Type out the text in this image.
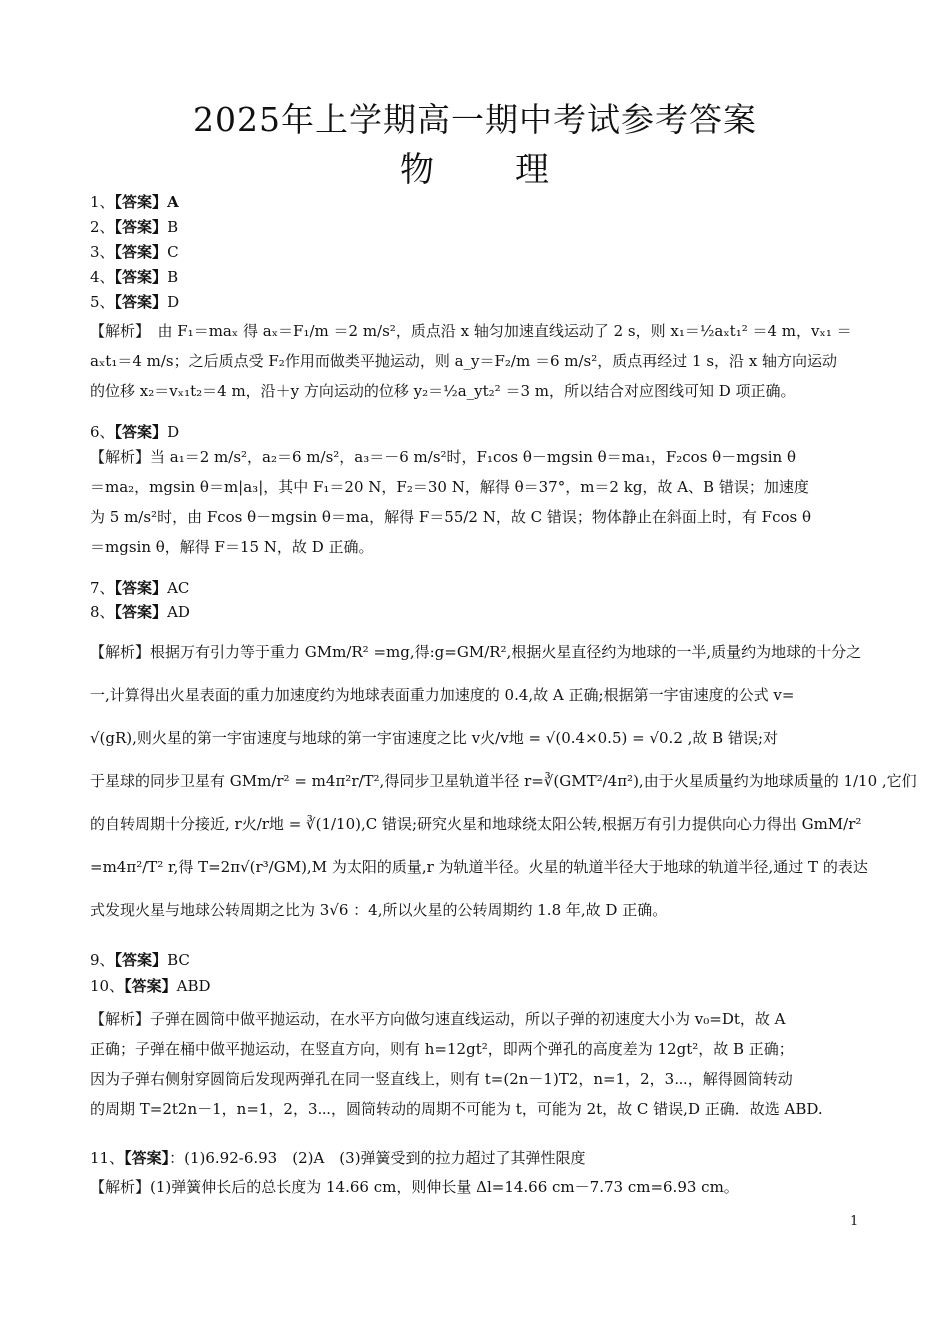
2025年上学期高一期中考试参考答案
物 理
1、【答案】A
2、【答案】B
3、【答案】C
4、【答案】B
5、【答案】D
【解析】　由 F₁＝maₓ 得 aₓ＝F₁/m ＝2 m/s²，质点沿 x 轴匀加速直线运动了 2 s，则 x₁＝½aₓt₁² ＝4 m，vₓ₁ ＝
aₓt₁＝4 m/s；之后质点受 F₂作用而做类平抛运动，则 a_y＝F₂/m ＝6 m/s²，质点再经过 1 s，沿 x 轴方向运动
的位移 x₂＝vₓ₁t₂＝4 m，沿＋y 方向运动的位移 y₂＝½a_yt₂² ＝3 m，所以结合对应图线可知 D 项正确。
6、【答案】D
【解析】当 a₁＝2 m/s²，a₂＝6 m/s²，a₃＝－6 m/s²时，F₁cos θ－mgsin θ＝ma₁，F₂cos θ－mgsin θ
＝ma₂，mgsin θ＝m|a₃|，其中 F₁＝20 N，F₂＝30 N，解得 θ＝37°，m＝2 kg，故 A、B 错误；加速度
为 5 m/s²时，由 Fcos θ－mgsin θ＝ma，解得 F＝55/2 N，故 C 错误；物体静止在斜面上时，有 Fcos θ
＝mgsin θ，解得 F＝15 N，故 D 正确。
7、【答案】AC
8、【答案】AD
【解析】根据万有引力等于重力 GMm/R² =mg,得:g=GM/R²,根据火星直径约为地球的一半,质量约为地球的十分之
一,计算得出火星表面的重力加速度约为地球表面重力加速度的 0.4,故 A 正确;根据第一宇宙速度的公式 v=
√(gR),则火星的第一宇宙速度与地球的第一宇宙速度之比 v火/v地 = √(0.4×0.5) = √0.2 ,故 B 错误;对
于星球的同步卫星有 GMm/r² = m4π²r/T²,得同步卫星轨道半径 r=∛(GMT²/4π²),由于火星质量约为地球质量的 1/10 ,它们
的自转周期十分接近, r火/r地 = ∛(1/10),C 错误;研究火星和地球绕太阳公转,根据万有引力提供向心力得出 GmM/r²
=m4π²/T² r,得 T=2π√(r³/GM),M 为太阳的质量,r 为轨道半径。火星的轨道半径大于地球的轨道半径,通过 T 的表达
式发现火星与地球公转周期之比为 3√6 ：4,所以火星的公转周期约 1.8 年,故 D 正确。
9、【答案】BC
10、【答案】ABD
【解析】子弹在圆筒中做平抛运动，在水平方向做匀速直线运动，所以子弹的初速度大小为 v₀=Dt，故 A
正确；子弹在桶中做平抛运动，在竖直方向，则有 h=12gt²，即两个弹孔的高度差为 12gt²，故 B 正确；
因为子弹右侧射穿圆筒后发现两弹孔在同一竖直线上，则有 t=(2n－1)T2，n=1，2，3⋯，解得圆筒转动
的周期 T=2t2n－1，n=1，2，3⋯，圆筒转动的周期不可能为 t，可能为 2t，故 C 错误,D 正确．故选 ABD.
11、【答案】：(1)6.92-6.93　(2)A　(3)弹簧受到的拉力超过了其弹性限度
【解析】(1)弹簧伸长后的总长度为 14.66 cm，则伸长量 Δl=14.66 cm－7.73 cm=6.93 cm。
1
